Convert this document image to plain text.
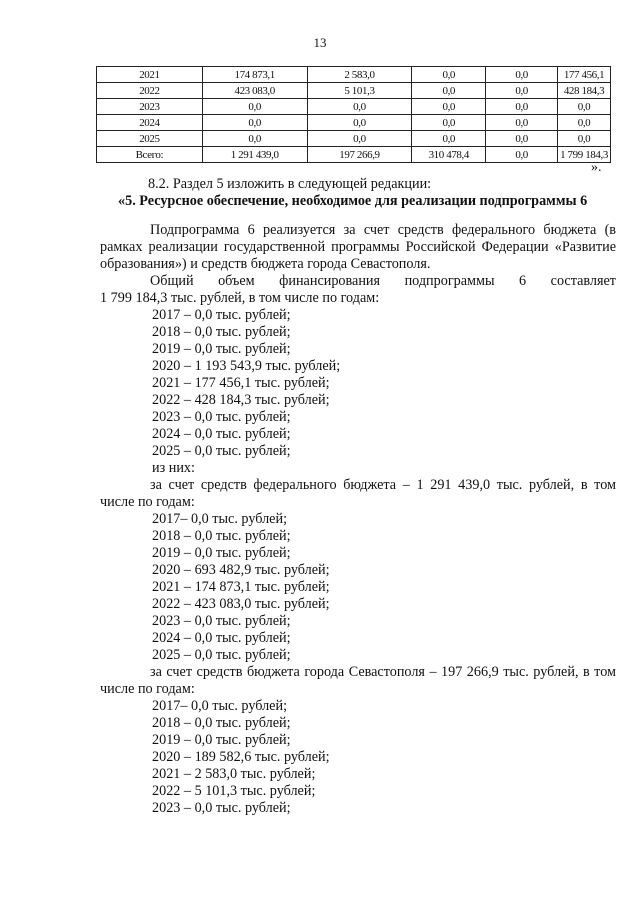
13
2021	174 873,1	2 583,0	0,0	0,0	177 456,1
2022	423 083,0	5 101,3	0,0	0,0	428 184,3
2023	0,0	0,0	0,0	0,0	0,0
2024	0,0	0,0	0,0	0,0	0,0
2025	0,0	0,0	0,0	0,0	0,0
Всего:	1 291 439,0	197 266,9	310 478,4	0,0	1 799 184,3
».

8.2. Раздел 5 изложить в следующей редакции:

«5. Ресурсное обеспечение, необходимое для реализации подпрограммы 6

Подпрограмма 6 реализуется за счет средств федерального бюджета (в рамках реализации государственной программы Российской Федерации «Развитие образования») и средств бюджета города Севастополя.

Общий объем финансирования подпрограммы 6 составляет

1 799 184,3 тыс. рублей, в том числе по годам:

2017 – 0,0 тыс. рублей;

2018 – 0,0 тыс. рублей;

2019 – 0,0 тыс. рублей;

2020 – 1 193 543,9 тыс. рублей;

2021 – 177 456,1 тыс. рублей;

2022 – 428 184,3 тыс. рублей;

2023 – 0,0 тыс. рублей;

2024 – 0,0 тыс. рублей;

2025 – 0,0 тыс. рублей;

из них:

за счет средств федерального бюджета – 1 291 439,0 тыс. рублей, в том числе по годам:

2017– 0,0 тыс. рублей;

2018 – 0,0 тыс. рублей;

2019 – 0,0 тыс. рублей;

2020 – 693 482,9 тыс. рублей;

2021 – 174 873,1 тыс. рублей;

2022 – 423 083,0 тыс. рублей;

2023 – 0,0 тыс. рублей;

2024 – 0,0 тыс. рублей;

2025 – 0,0 тыс. рублей;

за счет средств бюджета города Севастополя – 197 266,9 тыс. рублей, в том числе по годам:

2017– 0,0 тыс. рублей;

2018 – 0,0 тыс. рублей;

2019 – 0,0 тыс. рублей;

2020 – 189 582,6 тыс. рублей;

2021 – 2 583,0 тыс. рублей;

2022 – 5 101,3 тыс. рублей;

2023 – 0,0 тыс. рублей;
